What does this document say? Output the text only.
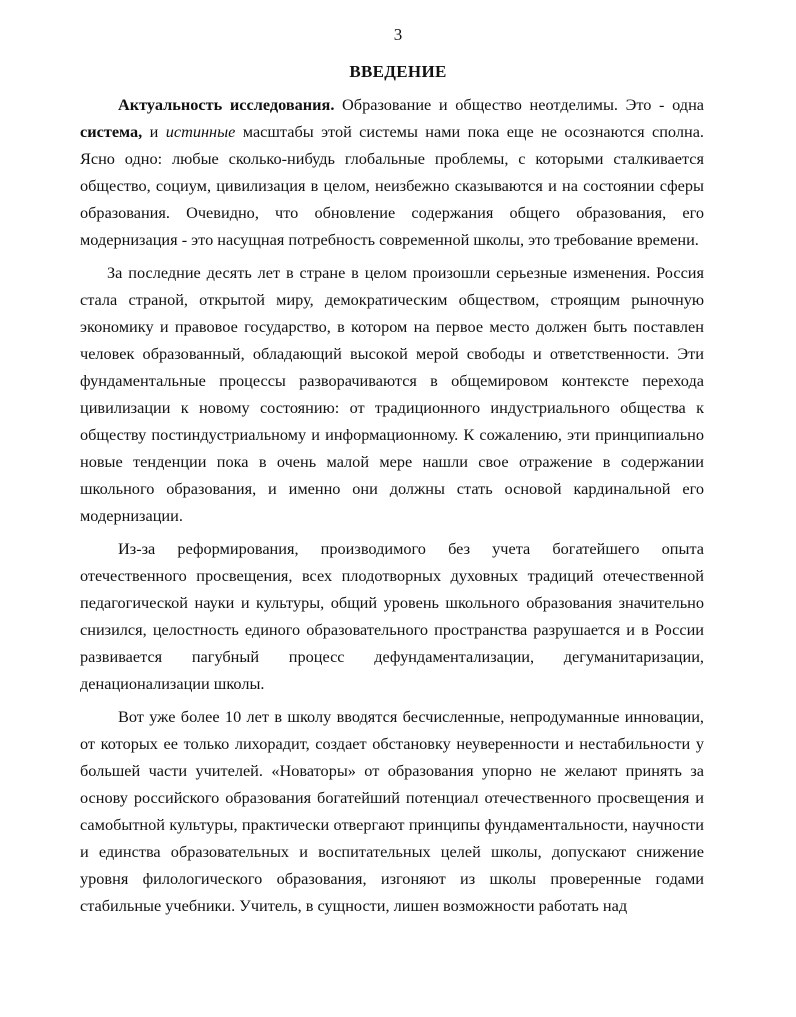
3
ВВЕДЕНИЕ

Актуальность исследования. Образование и общество неотделимы. Это - одна система, и истинные масштабы этой системы нами пока еще не осознаются сполна. Ясно одно: любые сколько-нибудь глобальные проблемы, с которыми сталкивается общество, социум, цивилизация в целом, неизбежно сказываются и на состоянии сферы образования. Очевидно, что обновление содержания общего образования, его модернизация - это насущная потребность современной школы, это требование времени.

За последние десять лет в стране в целом произошли серьезные изменения. Россия стала страной, открытой миру, демократическим обществом, строящим рыночную экономику и правовое государство, в котором на первое место должен быть поставлен человек образованный, обладающий высокой мерой свободы и ответственности. Эти фундаментальные процессы разворачиваются в общемировом контексте перехода цивилизации к новому состоянию: от традиционного индустриального общества к обществу постиндустриальному и информационному. К сожалению, эти принципиально новые тенденции пока в очень малой мере нашли свое отражение в содержании школьного образования, и именно они должны стать основой кардинальной его модернизации.

Из-за реформирования, производимого без учета богатейшего опыта отечественного просвещения, всех плодотворных духовных традиций отечественной педагогической науки и культуры, общий уровень школьного образования значительно снизился, целостность единого образовательного пространства разрушается и в России развивается пагубный процесс дефундаментализации, дегуманитаризации, денационализации школы.

Вот уже более 10 лет в школу вводятся бесчисленные, непродуманные инновации, от которых ее только лихорадит, создает обстановку неуверенности и нестабильности у большей части учителей. «Новаторы» от образования упорно не желают принять за основу российского образования богатейший потенциал отечественного просвещения и самобытной культуры, практически отвергают принципы фундаментальности, научности и единства образовательных и воспитательных целей школы, допускают снижение уровня филологического образования, изгоняют из школы проверенные годами стабильные учебники. Учитель, в сущности, лишен возможности работать над
